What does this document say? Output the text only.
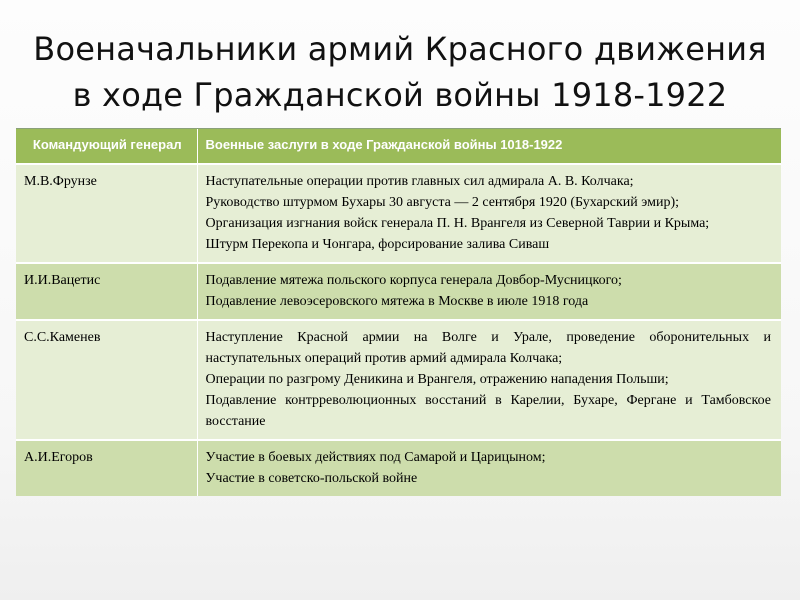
Военачальники армий Красного движения
в ходе Гражданской войны 1918-1922
Командующий генерал	Военные заслуги в ходе Гражданской войны 1018-1922
М.В.Фрунзе	Наступательные операции против главных сил адмирала А. В. Колчака;
Руководство штурмом Бухары 30 августа — 2 сентября 1920 (Бухарский эмир);
Организация изгнания войск генерала П. Н. Врангеля из Северной Таврии и Крыма;
Штурм Перекопа и Чонгара, форсирование залива Сиваш

И.И.Вацетис	Подавление мятежа польского корпуса генерала Довбор-Мусницкого;
Подавление левоэсеровского мятежа в Москве в июле 1918 года

С.С.Каменев	Наступление Красной армии на Волге и Урале, проведение оборонительных и наступательных операций против армий адмирала Колчака;
Операции по разгрому Деникина и Врангеля, отражению нападения Польши;
Подавление контрреволюционных восстаний в Карелии, Бухаре, Фергане и Тамбовское восстание

А.И.Егоров	Участие в боевых действиях под Самарой и Царицыном;
Участие в советско-польской войне
